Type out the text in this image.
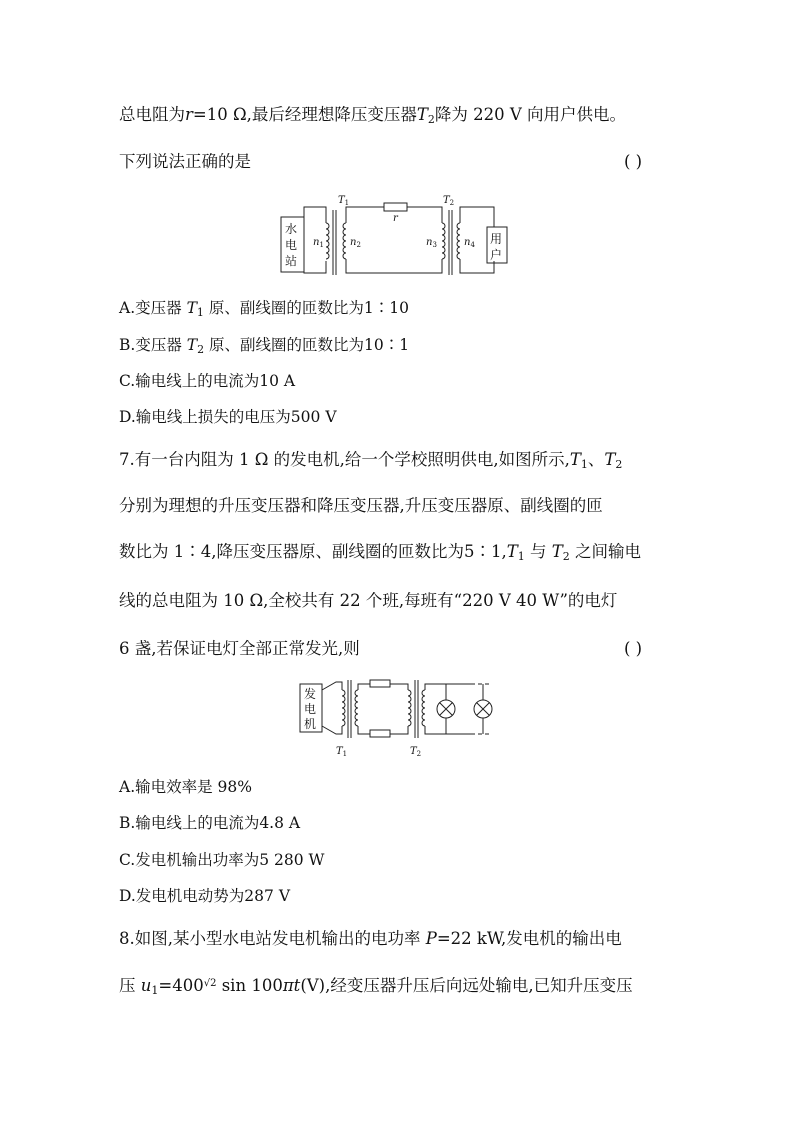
总电阻为r=10 Ω,最后经理想降压变压器$T_2$降为 220 V 向用户供电。
下列说法正确的是	( )
水
电
站
用
户
$T_1$	$T_2$
r
$n_1$	$n_2$	$n_3$	$n_4$
A.变压器 $T_1$ 原、副线圈的匝数比为1∶10
B.变压器 $T_2$ 原、副线圈的匝数比为10∶1
C.输电线上的电流为10 A
D.输电线上损失的电压为500 V
7.有一台内阻为 1 Ω 的发电机,给一个学校照明供电,如图所示$,T_1$、$T_2$
分别为理想的升压变压器和降压变压器,升压变压器原、副线圈的匝
数比为 1∶4,降压变压器原、副线圈的匝数比为$5∶1,T_1$ 与 $T_2$ 之间输电
线的总电阻为 10 Ω,全校共有 22 个班,每班有“220 V 40 W”的电灯
6 盏,若保证电灯全部正常发光,则	( )
发
电
机
$T_1$	$T_2$
A.输电效率是 98%
B.输电线上的电流为4.8 A
C.发电机输出功率为5 280 W
D.发电机电动势为287 V
8.如图,某小型水电站发电机输出的电功率 P=22 kW,发电机的输出电
压 $u_1=400^{√2}$ sin 100πt(V),经变压器升压后向远处输电,已知升压变压
